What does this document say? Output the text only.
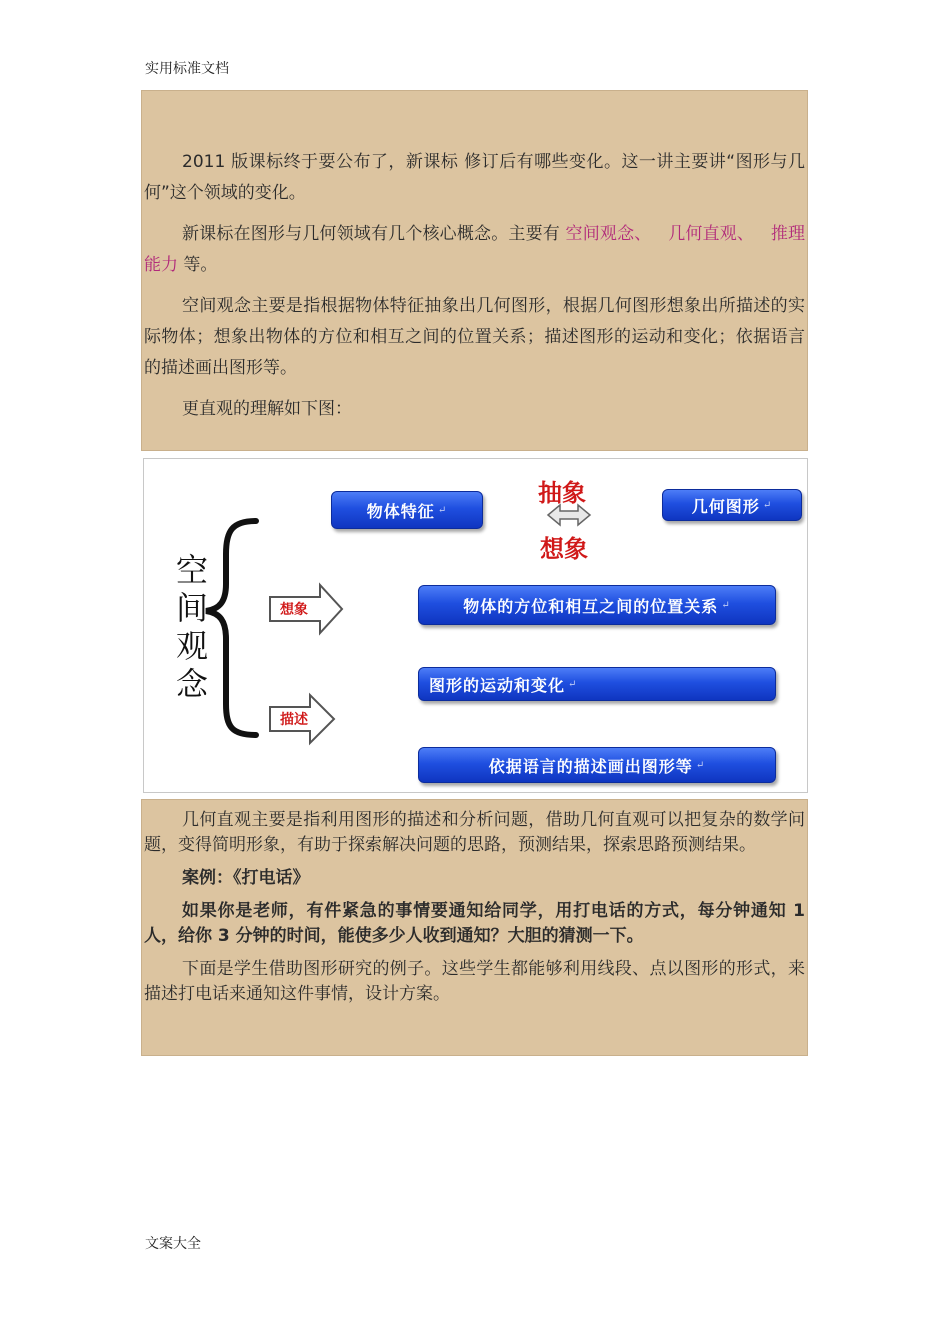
实用标准文档

2011 版课标终于要公布了，新课标 修订后有哪些变化。这一讲主要讲“图形与几何”这个领域的变化。

新课标在图形与几何领域有几个核心概念。主要有 空间观念、 几何直观、 推理能力 等。

空间观念主要是指根据物体特征抽象出几何图形，根据几何图形想象出所描述的实际物体；想象出物体的方位和相互之间的位置关系；描述图形的运动和变化；依据语言的描述画出图形等。

更直观的理解如下图：

空
间
观
念
物体特征 ↵	几何图形 ↵
抽象
想象
想象
描述
物体的方位和相互之间的位置关系 ↵
图形的运动和变化 ↵
依据语言的描述画出图形等 ↵

几何直观主要是指利用图形的描述和分析问题，借助几何直观可以把复杂的数学问题，变得简明形象，有助于探索解决问题的思路，预测结果，探索思路预测结果。

案例：《打电话》

如果你是老师，有件紧急的事情要通知给同学，用打电话的方式，每分钟通知 1 人，给你 3 分钟的时间，能使多少人收到通知？大胆的猜测一下。

下面是学生借助图形研究的例子。这些学生都能够利用线段、点以图形的形式，来描述打电话来通知这件事情，设计方案。

文案大全
